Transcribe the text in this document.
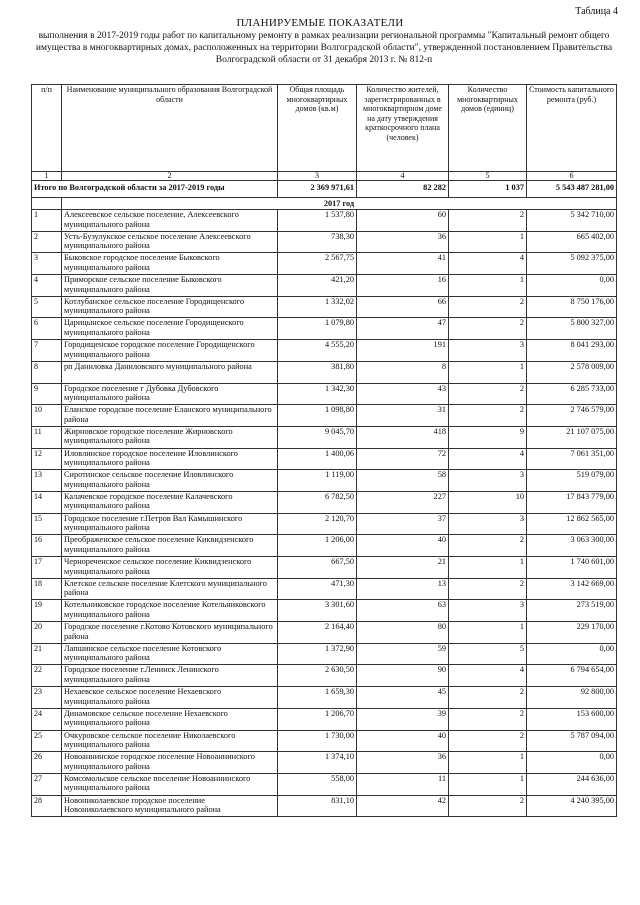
Таблица 4
ПЛАНИРУЕМЫЕ ПОКАЗАТЕЛИ
выполнения в 2017-2019 годы работ по капитальному ремонту в рамках реализации региональной программы "Капитальный ремонт общего имущества в многоквартирных домах, расположенных на территории Волгоградской области", утвержденной постановлением Правительства Волгоградской области от 31 декабря 2013 г. № 812-п
п/п	Наименование муниципального образования Волгоградской области	Общая площадь многоквартирных домов (кв.м)	Количество жителей, зарегистрированных в многоквартирном доме на дату утверждения краткосрочного плана (человек)	Количество многоквартирных домов (единиц)	Стоимость капитального ремонта (руб.)
1	2	3	4	5	6
Итого по Волгоградской области за 2017-2019 годы		2 369 971,61	82 282	1 037	5 543 487 281,00
	2017 год				
1	Алексеевское сельское поселение, Алексеевского муниципального района	1 537,80	60	2	5 342 710,00
2	Усть-Бузулукское сельское поселение Алексеевского муниципального района	738,30	36	1	665 402,00
3	Быковское городское поселение Быковского муниципального района	2 567,75	41	4	5 092 375,00
4	Приморское сельское поселение Быковского муниципального района	421,20	16	1	0,00
5	Котлубанское сельское поселение Городищенского муниципального района	1 332,02	66	2	8 750 176,00
6	Царицынское сельское поселение Городищенского муниципального района	1 079,80	47	2	5 800 327,00
7	Городищенское городское поселение Городищенского муниципального района	4 555,20	191	3	8 041 293,00
8	рп Даниловка Даниловского муниципального района	381,80	8	1	2 578 009,00
9	Городское поселение г Дубовка Дубовского муниципального района	1 342,30	43	2	6 285 733,00
10	Еланское городское поселение Еланского муниципального района	1 098,80	31	2	2 746 579,00
11	Жирновское городское поселение Жирновского муниципального района	9 045,70	418	9	21 107 075,00
12	Иловлинское городское поселение Иловлинского муниципального района	1 400,06	72	4	7 061 351,00
13	Сиротинское сельское поселение Иловлинского муниципального района	1 119,00	58	3	519 079,00
14	Калачевское городское поселение Калачевского муниципального района	6 782,50	227	10	17 843 779,00
15	Городское поселение г.Петров Вал Камышинского муниципального района	2 120,70	37	3	12 862 565,00
16	Преображенское сельское поселение Киквидзенского муниципального района	1 206,00	40	2	3 063 300,00
17	Чернореченское сельское поселение Киквидзенского муниципального района	667,50	21	1	1 740 601,00
18	Клетское сельское поселение Клетского муниципального района	471,30	13	2	3 142 669,00
19	Котельниковское городское поселение Котельниковского муниципального района	3 301,60	63	3	273 519,00
20	Городское поселение г.Котово Котовского муниципального района	2 164,40	80	1	229 170,00
21	Лапшинское сельское поселение Котовского муниципального района	1 372,90	59	5	0,00
22	Городское поселение г.Ленинск Ленинского муниципального района	2 630,50	90	4	6 794 654,00
23	Нехаевское сельское поселение Нехаевского муниципального района	1 659,30	45	2	92 800,00
24	Динамовское сельское поселение Нехаевского муниципального района	1 206,70	39	2	153 600,00
25	Очкуровское сельское поселение Николаевского муниципального района	1 730,00	40	2	5 787 094,00
26	Новоаннинское городское поселение Новоаннинского муниципального района	1 374,10	36	1	0,00
27	Комсомольское сельское поселение Новоаннинского муниципального района	558,00	11	1	244 636,00
28	Новониколаевское городское поселение Новониколаевского муниципального района	831,10	42	2	4 240 395,00
